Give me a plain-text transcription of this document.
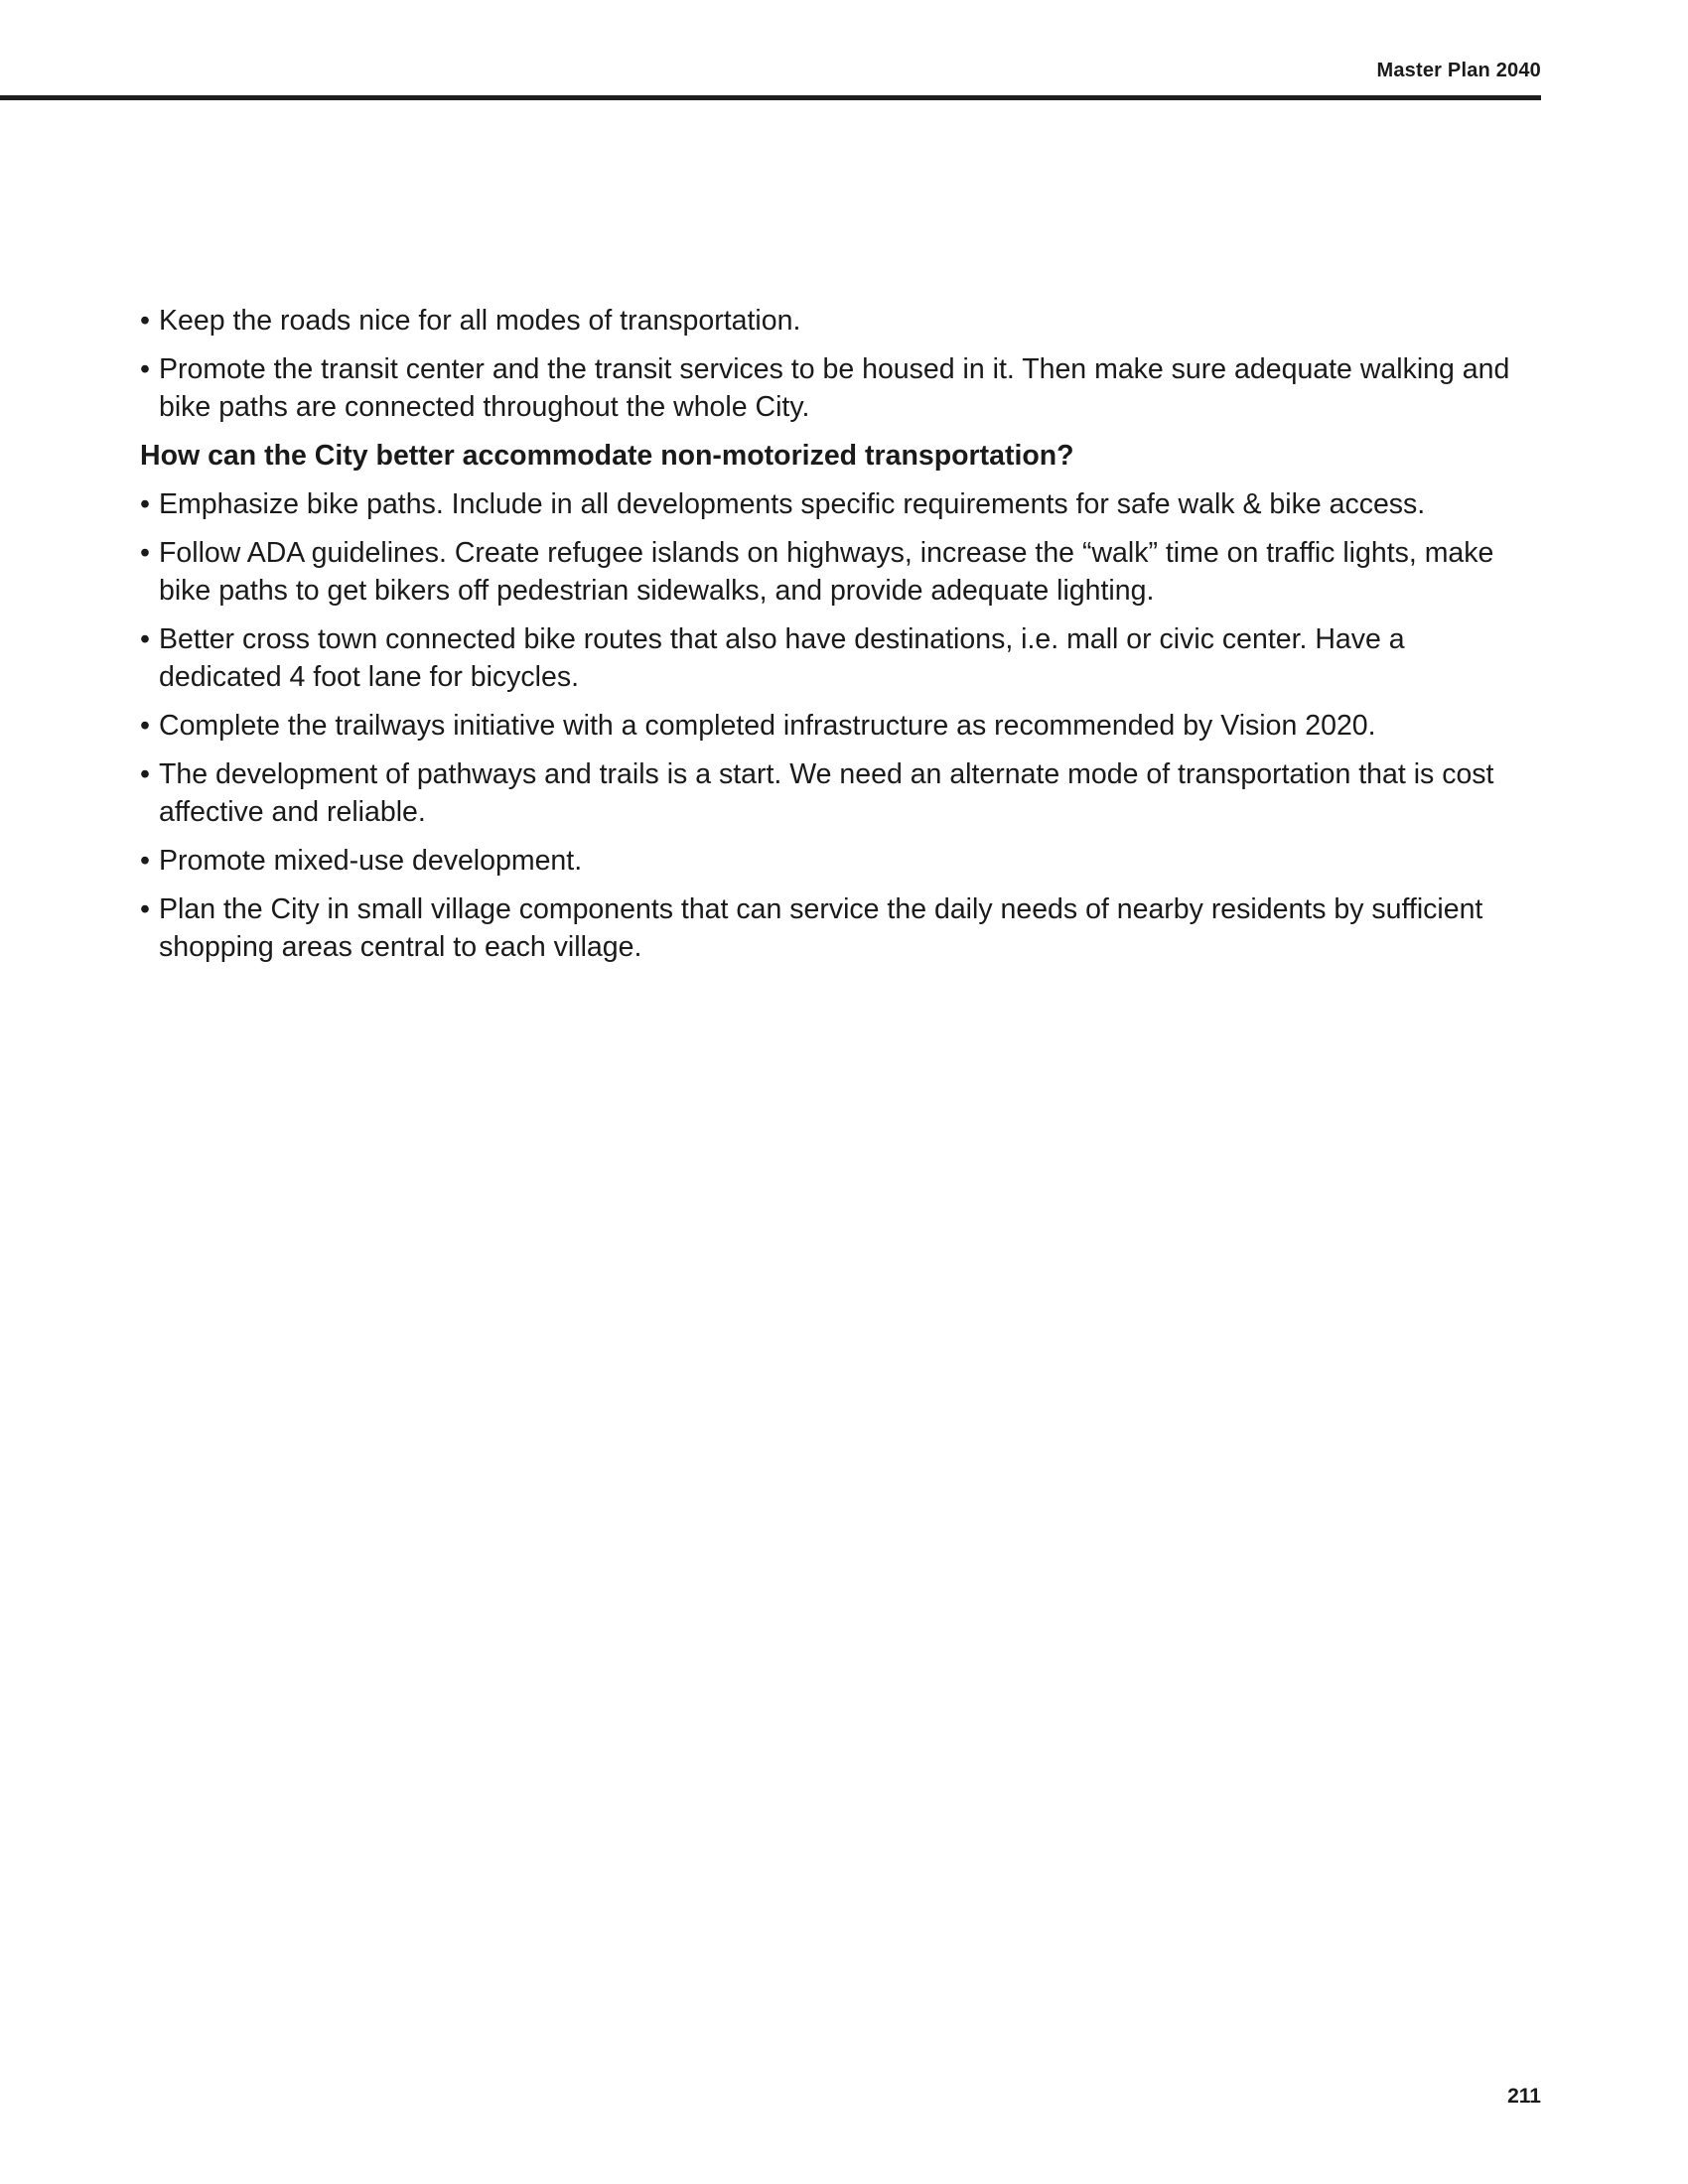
Master Plan 2040
• Keep the roads nice for all modes of transportation.
• Promote the transit center and the transit services to be housed in it. Then make sure adequate walking and bike paths are connected throughout the whole City.
How can the City better accommodate non-motorized transportation?
• Emphasize bike paths. Include in all developments specific requirements for safe walk & bike access.
• Follow ADA guidelines. Create refugee islands on highways, increase the “walk” time on traffic lights, make bike paths to get bikers off pedestrian sidewalks, and provide adequate lighting.
• Better cross town connected bike routes that also have destinations, i.e. mall or civic center. Have a dedicated 4 foot lane for bicycles.
• Complete the trailways initiative with a completed infrastructure as recommended by Vision 2020.
• The development of pathways and trails is a start. We need an alternate mode of transportation that is cost affective and reliable.
• Promote mixed-use development.
• Plan the City in small village components that can service the daily needs of nearby residents by sufficient shopping areas central to each village.
211
